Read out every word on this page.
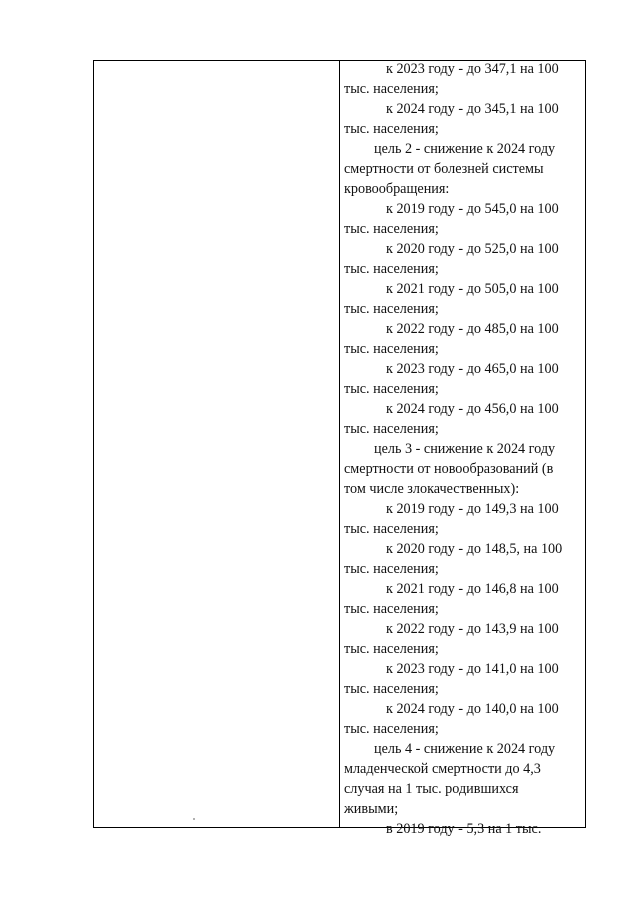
к 2023 году - до 347,1 на 100
тыс. населения;
к 2024 году - до 345,1 на 100
тыс. населения;
цель 2 - снижение к 2024 году
смертности от болезней системы
кровообращения:
к 2019 году - до 545,0 на 100
тыс. населения;
к 2020 году - до 525,0 на 100
тыс. населения;
к 2021 году - до 505,0 на 100
тыс. населения;
к 2022 году - до 485,0 на 100
тыс. населения;
к 2023 году - до 465,0 на 100
тыс. населения;
к 2024 году - до 456,0 на 100
тыс. населения;
цель 3 - снижение к 2024 году
смертности от новообразований (в
том числе злокачественных):
к 2019 году - до 149,3 на 100
тыс. населения;
к 2020 году - до 148,5, на 100
тыс. населения;
к 2021 году - до 146,8 на 100
тыс. населения;
к 2022 году - до 143,9 на 100
тыс. населения;
к 2023 году - до 141,0 на 100
тыс. населения;
к 2024 году - до 140,0 на 100
тыс. населения;
цель 4 - снижение к 2024 году
младенческой смертности до 4,3
случая на 1 тыс. родившихся
живыми;
в 2019 году - 5,3 на 1 тыс.
